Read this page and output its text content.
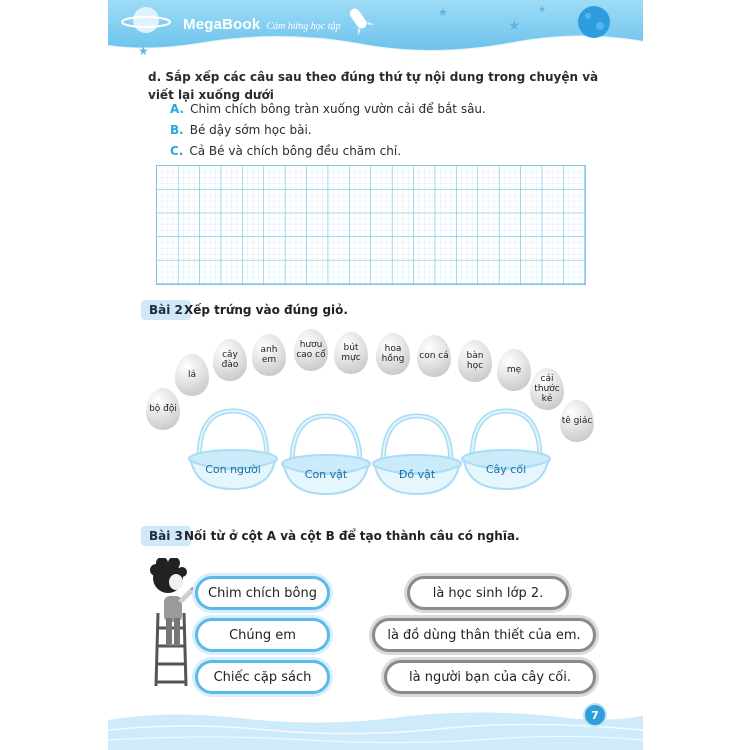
★
★
★
★
MegaBook Cảm hứng học tập
d. Sắp xếp các câu sau theo đúng thứ tự nội dung trong chuyện và viết lại xuống dưới
A. Chim chích bông tràn xuống vườn cải để bắt sâu.
B. Bé dậy sớm học bài.
C. Cả Bé và chích bông đều chăm chỉ.
Bài 2 Xếp trứng vào đúng giỏ.
bộ đội
lá
cây đào
anh em
hươu cao cổ
bút mực
hoa hồng	con cá	bàn học	mẹ
cái thước kẻ
tê giác
Con người	Con vật	Đồ vật	Cây cối
Bài 3 Nối từ ở cột A và cột B để tạo thành câu có nghĩa.
Chim chích bông
Chúng em
Chiếc cặp sách
là học sinh lớp 2.
là đồ dùng thân thiết của em.
là người bạn của cây cối.
7
